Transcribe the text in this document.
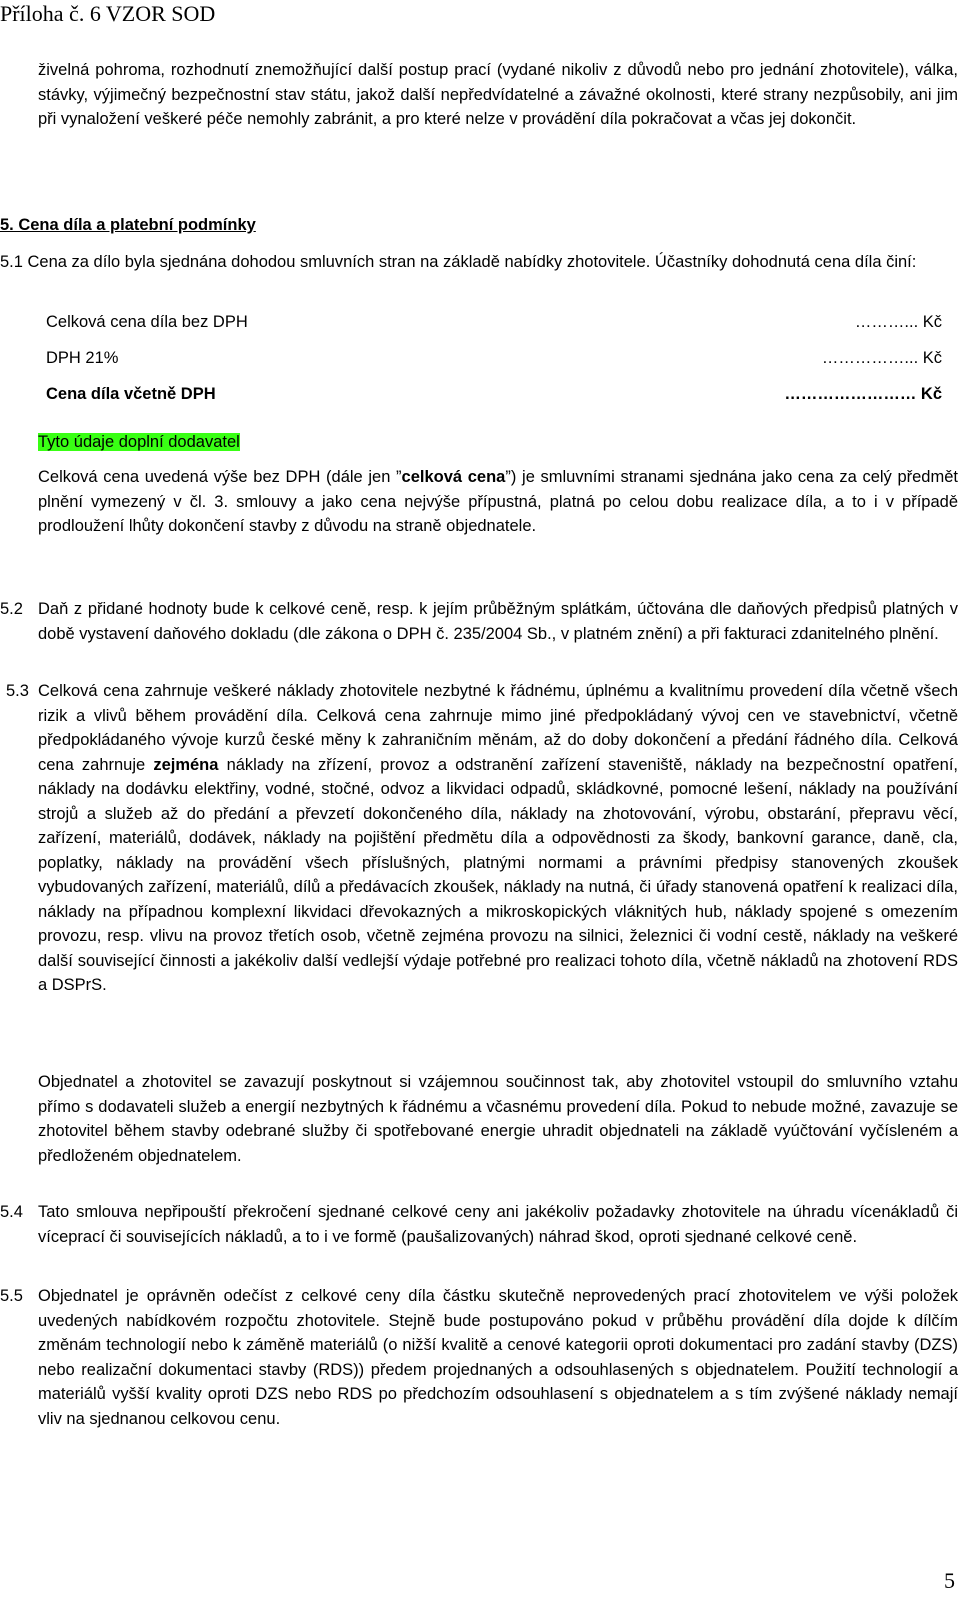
Příloha č. 6 VZOR SOD

živelná pohroma, rozhodnutí znemožňující další postup prací (vydané nikoliv z důvodů nebo pro jednání zhotovitele), válka, stávky, výjimečný bezpečnostní stav státu, jakož další nepředvídatelné a závažné okolnosti, které strany nezpůsobily, ani jim při vynaložení veškeré péče nemohly zabránit, a pro které nelze v provádění díla pokračovat a včas jej dokončit.

5. Cena díla a platební podmínky
5.1 Cena za dílo byla sjednána dohodou smluvních stran na základě nabídky zhotovitele. Účastníky dohodnutá cena díla činí:
Celková cena díla bez DPH	………... Kč
DPH 21%	……………... Kč
Cena díla včetně DPH	…………………… Kč
Tyto údaje doplní dodavatel

Celková cena uvedená výše bez DPH (dále jen ”celková cena”) je smluvními stranami sjednána jako cena za celý předmět plnění vymezený v čl. 3. smlouvy a jako cena nejvýše přípustná, platná po celou dobu realizace díla, a to i v případě prodloužení lhůty dokončení stavby z důvodu na straně objednatele.

5.2 Daň z přidané hodnoty bude k celkové ceně, resp. k jejím průběžným splátkám, účtována dle daňových předpisů platných v době vystavení daňového dokladu (dle zákona o DPH č. 235/2004 Sb., v platném znění) a při fakturaci zdanitelného plnění.
5.3 Celková cena zahrnuje veškeré náklady zhotovitele nezbytné k řádnému, úplnému a kvalitnímu provedení díla včetně všech rizik a vlivů během provádění díla. Celková cena zahrnuje mimo jiné předpokládaný vývoj cen ve stavebnictví, včetně předpokládaného vývoje kurzů české měny k zahraničním měnám, až do doby dokončení a předání řádného díla. Celková cena zahrnuje zejména náklady na zřízení, provoz a odstranění zařízení staveniště, náklady na bezpečnostní opatření, náklady na dodávku elektřiny, vodné, stočné, odvoz a likvidaci odpadů, skládkovné, pomocné lešení, náklady na používání strojů a služeb až do předání a převzetí dokončeného díla, náklady na zhotovování, výrobu, obstarání, přepravu věcí, zařízení, materiálů, dodávek, náklady na pojištění předmětu díla a odpovědnosti za škody, bankovní garance, daně, cla, poplatky, náklady na provádění všech příslušných, platnými normami a právními předpisy stanovených zkoušek vybudovaných zařízení, materiálů, dílů a předávacích zkoušek, náklady na nutná, či úřady stanovená opatření k realizaci díla, náklady na případnou komplexní likvidaci dřevokazných a mikroskopických vláknitých hub, náklady spojené s omezením provozu, resp. vlivu na provoz třetích osob, včetně zejména provozu na silnici, železnici či vodní cestě, náklady na veškeré další související činnosti a jakékoliv další vedlejší výdaje potřebné pro realizaci tohoto díla, včetně nákladů na zhotovení RDS a DSPrS.

Objednatel a zhotovitel se zavazují poskytnout si vzájemnou součinnost tak, aby zhotovitel vstoupil do smluvního vztahu přímo s dodavateli služeb a energií nezbytných k řádnému a včasnému provedení díla. Pokud to nebude možné, zavazuje se zhotovitel během stavby odebrané služby či spotřebované energie uhradit objednateli na základě vyúčtování vyčísleném a předloženém objednatelem.

5.4 Tato smlouva nepřipouští překročení sjednané celkové ceny ani jakékoliv požadavky zhotovitele na úhradu vícenákladů či víceprací či souvisejících nákladů, a to i ve formě (paušalizovaných) náhrad škod, oproti sjednané celkové ceně.
5.5 Objednatel je oprávněn odečíst z celkové ceny díla částku skutečně neprovedených prací zhotovitelem ve výši položek uvedených nabídkovém rozpočtu zhotovitele. Stejně bude postupováno pokud v průběhu provádění díla dojde k dílčím změnám technologií nebo k záměně materiálů (o nižší kvalitě a cenové kategorii oproti dokumentaci pro zadání stavby (DZS) nebo realizační dokumentaci stavby (RDS)) předem projednaných a odsouhlasených s objednatelem. Použití technologií a materiálů vyšší kvality oproti DZS nebo RDS po předchozím odsouhlasení s objednatelem a s tím zvýšené náklady nemají vliv na sjednanou celkovou cenu.
5
